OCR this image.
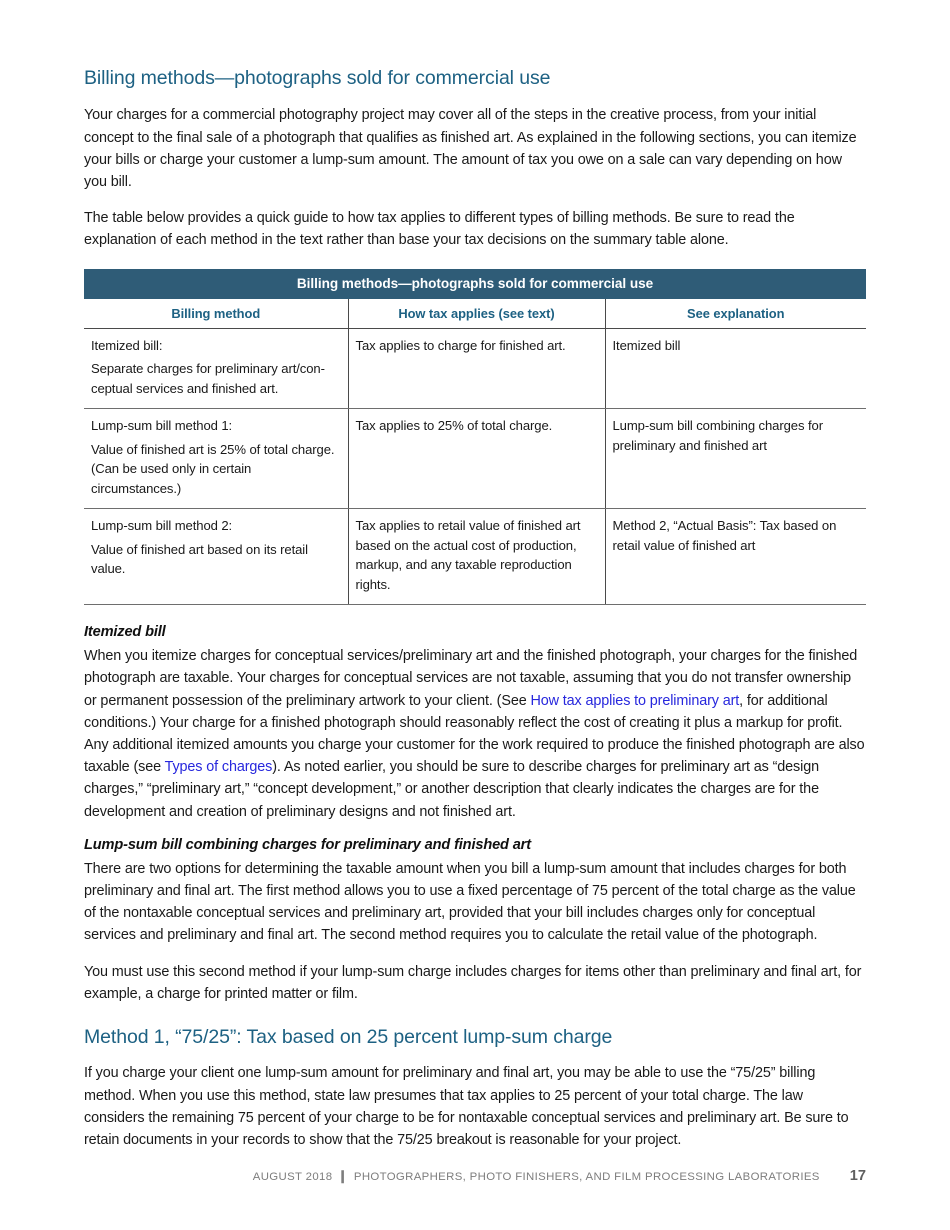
Billing methods—photographs sold for commercial use

Your charges for a commercial photography project may cover all of the steps in the creative process, from your initial concept to the final sale of a photograph that qualifies as finished art. As explained in the following sections, you can itemize your bills or charge your customer a lump-sum amount. The amount of tax you owe on a sale can vary depending on how you bill.

The table below provides a quick guide to how tax applies to different types of billing methods. Be sure to read the explanation of each method in the text rather than base your tax decisions on the summary table alone.

Billing methods—photographs sold for commercial use		
Billing method	How tax applies (see text)	See explanation

Itemized bill:
Separate charges for preliminary art/con-ceptual services and finished art.	Tax applies to charge for finished art.	Itemized bill

Lump-sum bill method 1:
Value of finished art is 25% of total charge. (Can be used only in certain circumstances.)	Tax applies to 25% of total charge.	Lump-sum bill combining charges for preliminary and finished art

Lump-sum bill method 2:
Value of finished art based on its retail value.	Tax applies to retail value of finished art based on the actual cost of production, markup, and any taxable reproduction rights.	Method 2, “Actual Basis”: Tax based on retail value of finished art
Itemized bill

When you itemize charges for conceptual services/preliminary art and the finished photograph, your charges for the finished photograph are taxable. Your charges for conceptual services are not taxable, assuming that you do not transfer ownership or permanent possession of the preliminary artwork to your client. (See How tax applies to preliminary art, for additional conditions.) Your charge for a finished photograph should reasonably reflect the cost of creating it plus a markup for profit. Any additional itemized amounts you charge your customer for the work required to produce the finished photograph are also taxable (see Types of charges). As noted earlier, you should be sure to describe charges for preliminary art as “design charges,” “preliminary art,” “concept development,” or another description that clearly indicates the charges are for the development and creation of preliminary designs and not finished art.

Lump-sum bill combining charges for preliminary and finished art

There are two options for determining the taxable amount when you bill a lump-sum amount that includes charges for both preliminary and final art. The first method allows you to use a fixed percentage of 75 percent of the total charge as the value of the nontaxable conceptual services and preliminary art, provided that your bill includes charges only for conceptual services and preliminary and final art. The second method requires you to calculate the retail value of the photograph.

You must use this second method if your lump-sum charge includes charges for items other than preliminary and final art, for example, a charge for printed matter or film.

Method 1, “75/25”: Tax based on 25 percent lump-sum charge

If you charge your client one lump-sum amount for preliminary and final art, you may be able to use the “75/25” billing method. When you use this method, state law presumes that tax applies to 25 percent of your total charge. The law considers the remaining 75 percent of your charge to be for nontaxable conceptual services and preliminary art. Be sure to retain documents in your records to show that the 75/25 breakout is reasonable for your project.

AUGUST 2018 ❙ PHOTOGRAPHERS, PHOTO FINISHERS, AND FILM PROCESSING LABORATORIES 17
